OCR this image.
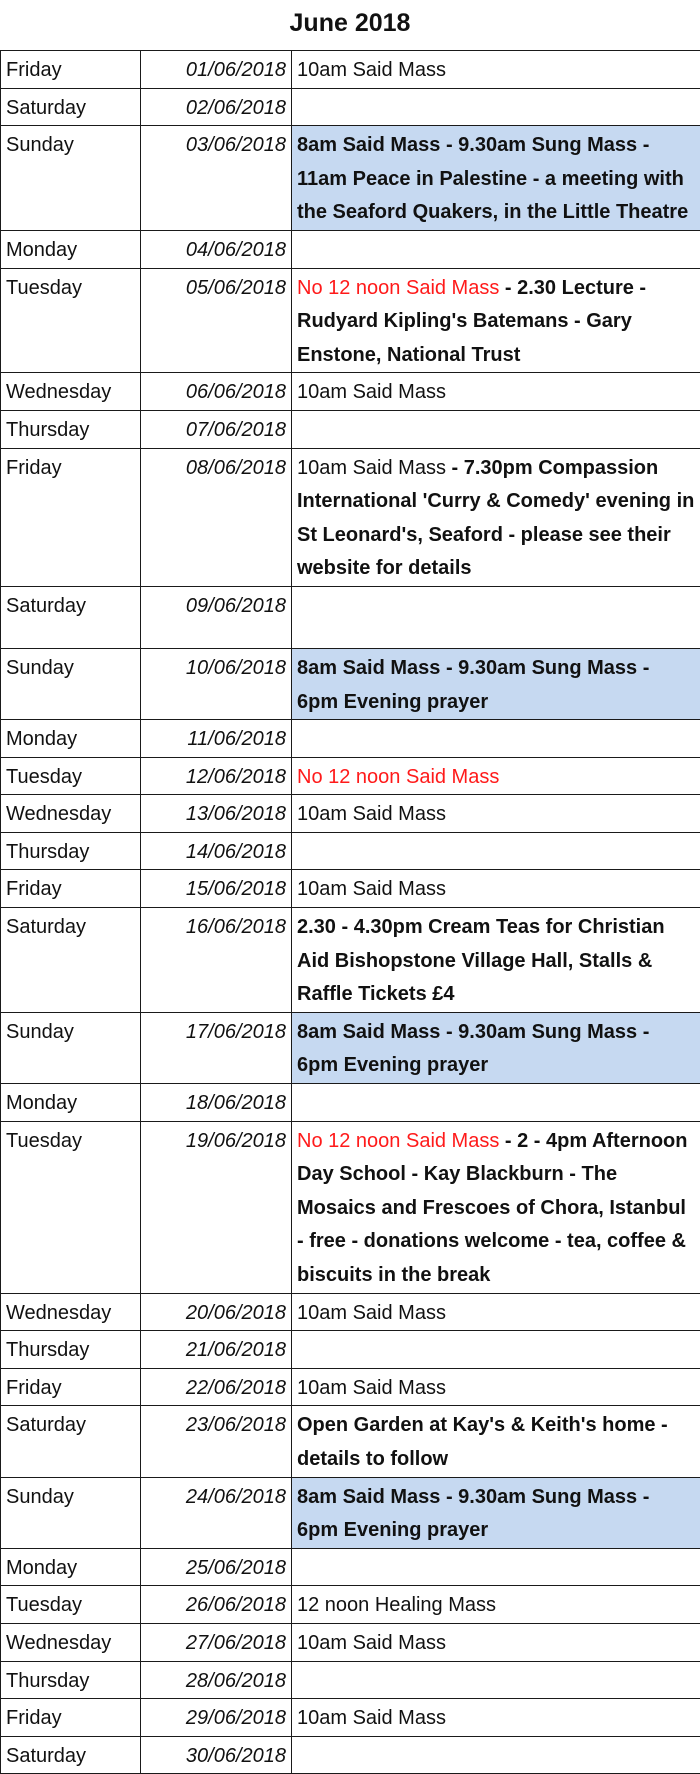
June 2018
Friday	01/06/2018	10am Said Mass
Saturday	02/06/2018	
Sunday	03/06/2018	8am Said Mass - 9.30am Sung Mass - 11am Peace in Palestine - a meeting with the Seaford Quakers, in the Little Theatre
Monday	04/06/2018	
Tuesday	05/06/2018	No 12 noon Said Mass - 2.30 Lecture - Rudyard Kipling's Batemans - Gary Enstone, National Trust
Wednesday	06/06/2018	10am Said Mass
Thursday	07/06/2018	
Friday	08/06/2018	10am Said Mass - 7.30pm Compassion International 'Curry & Comedy' evening in St Leonard's, Seaford - please see their website for details
Saturday	09/06/2018	
Sunday	10/06/2018	8am Said Mass - 9.30am Sung Mass - 6pm Evening prayer
Monday	11/06/2018	
Tuesday	12/06/2018	No 12 noon Said Mass
Wednesday	13/06/2018	10am Said Mass
Thursday	14/06/2018	
Friday	15/06/2018	10am Said Mass
Saturday	16/06/2018	2.30 - 4.30pm Cream Teas for Christian Aid Bishopstone Village Hall, Stalls & Raffle Tickets £4
Sunday	17/06/2018	8am Said Mass - 9.30am Sung Mass - 6pm Evening prayer
Monday	18/06/2018	
Tuesday	19/06/2018	No 12 noon Said Mass - 2 - 4pm Afternoon Day School - Kay Blackburn - The Mosaics and Frescoes of Chora, Istanbul - free - donations welcome - tea, coffee & biscuits in the break
Wednesday	20/06/2018	10am Said Mass
Thursday	21/06/2018	
Friday	22/06/2018	10am Said Mass
Saturday	23/06/2018	Open Garden at Kay's & Keith's home - details to follow
Sunday	24/06/2018	8am Said Mass - 9.30am Sung Mass - 6pm Evening prayer
Monday	25/06/2018	
Tuesday	26/06/2018	12 noon Healing Mass
Wednesday	27/06/2018	10am Said Mass
Thursday	28/06/2018	
Friday	29/06/2018	10am Said Mass
Saturday	30/06/2018	
